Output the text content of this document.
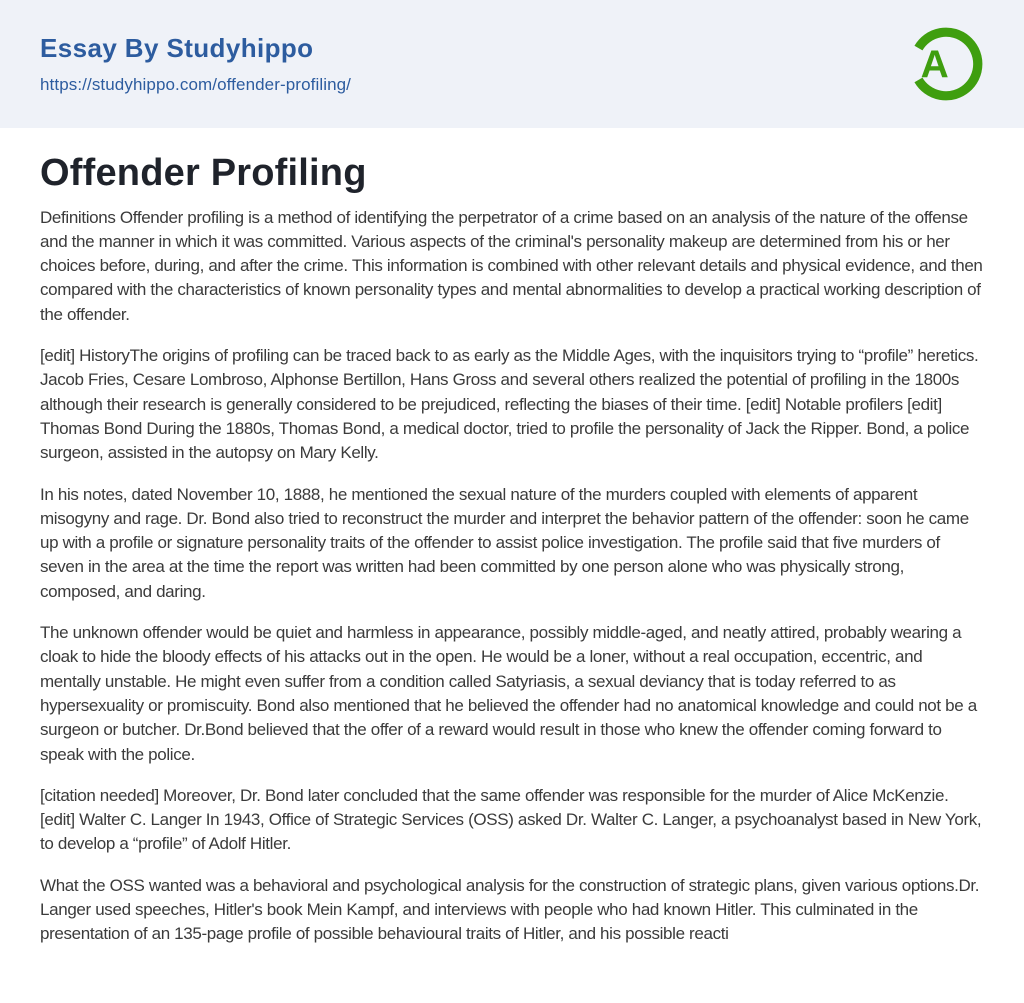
Essay By Studyhippo
https://studyhippo.com/offender-profiling/	A
Offender Profiling

Definitions Offender profiling is a method of identifying the perpetrator of a crime based on an analysis of the nature of the offense and the manner in which it was committed. Various aspects of the criminal's personality makeup are determined from his or her choices before, during, and after the crime. This information is combined with other relevant details and physical evidence, and then compared with the characteristics of known personality types and mental abnormalities to develop a practical working description of the offender.

[edit] HistoryThe origins of profiling can be traced back to as early as the Middle Ages, with the inquisitors trying to “profile” heretics. Jacob Fries, Cesare Lombroso, Alphonse Bertillon, Hans Gross and several others realized the potential of profiling in the 1800s although their research is generally considered to be prejudiced, reflecting the biases of their time. [edit] Notable profilers [edit] Thomas Bond During the 1880s, Thomas Bond, a medical doctor, tried to profile the personality of Jack the Ripper. Bond, a police surgeon, assisted in the autopsy on Mary Kelly.

In his notes, dated November 10, 1888, he mentioned the sexual nature of the murders coupled with elements of apparent misogyny and rage. Dr. Bond also tried to reconstruct the murder and interpret the behavior pattern of the offender: soon he came up with a profile or signature personality traits of the offender to assist police investigation. The profile said that five murders of seven in the area at the time the report was written had been committed by one person alone who was physically strong, composed, and daring.

The unknown offender would be quiet and harmless in appearance, possibly middle-aged, and neatly attired, probably wearing a cloak to hide the bloody effects of his attacks out in the open. He would be a loner, without a real occupation, eccentric, and mentally unstable. He might even suffer from a condition called Satyriasis, a sexual deviancy that is today referred to as hypersexuality or promiscuity. Bond also mentioned that he believed the offender had no anatomical knowledge and could not be a surgeon or butcher. Dr.Bond believed that the offer of a reward would result in those who knew the offender coming forward to speak with the police.

[citation needed] Moreover, Dr. Bond later concluded that the same offender was responsible for the murder of Alice McKenzie. [edit] Walter C. Langer In 1943, Office of Strategic Services (OSS) asked Dr. Walter C. Langer, a psychoanalyst based in New York, to develop a “profile” of Adolf Hitler.

What the OSS wanted was a behavioral and psychological analysis for the construction of strategic plans, given various options.Dr. Langer used speeches, Hitler's book Mein Kampf, and interviews with people who had known Hitler. This culminated in the presentation of an 135-page profile of possible behavioural traits of Hitler, and his possible reacti
